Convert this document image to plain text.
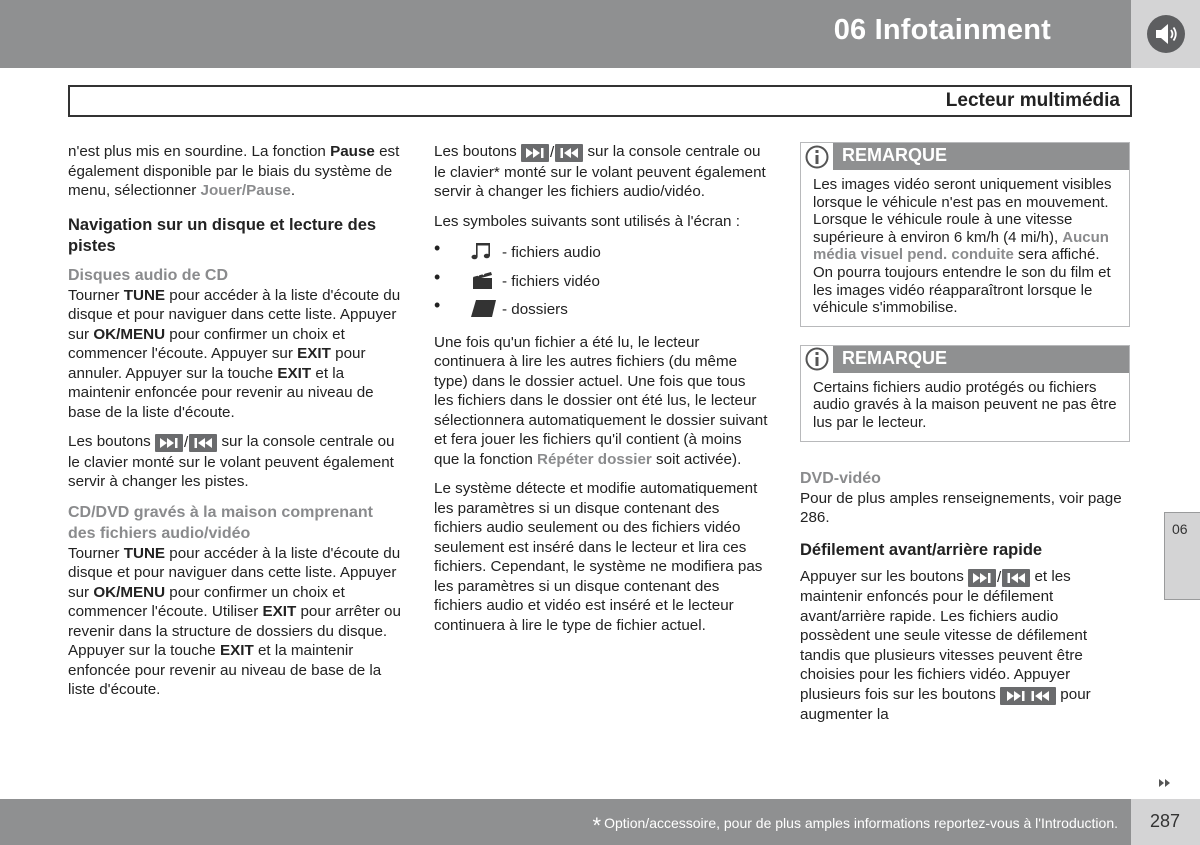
06 Infotainment
Lecteur multimédia

n'est plus mis en sourdine. La fonction Pause est également disponible par le biais du système de menu, sélectionner Jouer/Pause.

Navigation sur un disque et lecture des pistes
Disques audio de CD

Tourner TUNE pour accéder à la liste d'écoute du disque et pour naviguer dans cette liste. Appuyer sur OK/MENU pour confirmer un choix et commencer l'écoute. Appuyer sur EXIT pour annuler. Appuyer sur la touche EXIT et la maintenir enfoncée pour revenir au niveau de base de la liste d'écoute.

Les boutons / sur la console centrale ou le clavier monté sur le volant peuvent également servir à changer les pistes.

CD/DVD gravés à la maison comprenant des fichiers audio/vidéo

Tourner TUNE pour accéder à la liste d'écoute du disque et pour naviguer dans cette liste. Appuyer sur OK/MENU pour confirmer un choix et commencer l'écoute. Utiliser EXIT pour arrêter ou revenir dans la structure de dossiers du disque. Appuyer sur la touche EXIT et la maintenir enfoncée pour revenir au niveau de base de la liste d'écoute.

Les boutons / sur la console centrale ou le clavier* monté sur le volant peuvent également servir à changer les fichiers audio/vidéo.

Les symboles suivants sont utilisés à l'écran :

•	- fichiers audio
•	- fichiers vidéo
•	- dossiers

Une fois qu'un fichier a été lu, le lecteur continuera à lire les autres fichiers (du même type) dans le dossier actuel. Une fois que tous les fichiers dans le dossier ont été lus, le lecteur sélectionnera automatiquement le dossier suivant et fera jouer les fichiers qu'il contient (à moins que la fonction Répéter dossier soit activée).

Le système détecte et modifie automatiquement les paramètres si un disque contenant des fichiers audio seulement ou des fichiers vidéo seulement est inséré dans le lecteur et lira ces fichiers. Cependant, le système ne modifiera pas les paramètres si un disque contenant des fichiers audio et vidéo est inséré et le lecteur continuera à lire le type de fichier actuel.

REMARQUE
Les images vidéo seront uniquement visibles lorsque le véhicule n'est pas en mouvement. Lorsque le véhicule roule à une vitesse supérieure à environ 6 km/h (4 mi/h), Aucun média visuel pend. conduite sera affiché. On pourra toujours entendre le son du film et les images vidéo réapparaîtront lorsque le véhicule s'immobilise.
REMARQUE
Certains fichiers audio protégés ou fichiers audio gravés à la maison peuvent ne pas être lus par le lecteur.
DVD-vidéo

Pour de plus amples renseignements, voir page 286.

Défilement avant/arrière rapide

Appuyer sur les boutons / et les maintenir enfoncés pour le défilement avant/arrière rapide. Les fichiers audio possèdent une seule vitesse de défilement tandis que plusieurs vitesses peuvent être choisies pour les fichiers vidéo. Appuyer plusieurs fois sur les boutons	pour augmenter la

06
* Option/accessoire, pour de plus amples informations reportez-vous à l'Introduction. 287
